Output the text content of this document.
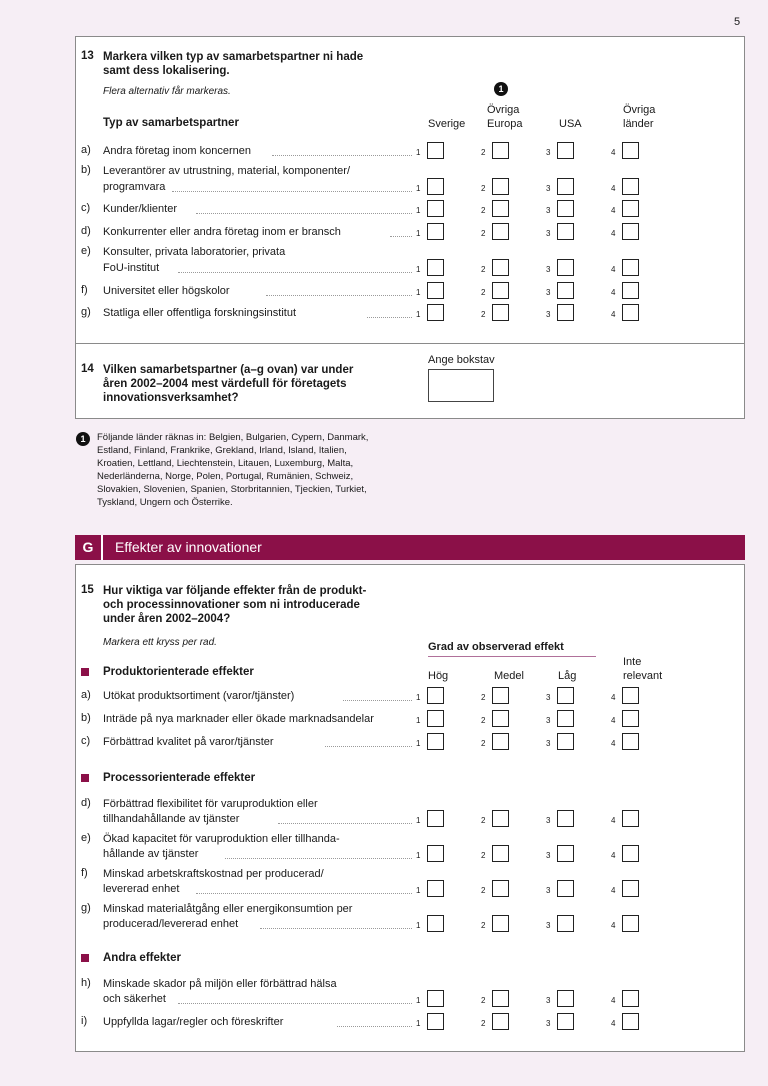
5
13 Markera vilken typ av samarbetspartner ni hade
samt dess lokalisering.
Flera alternativ får markeras.	1
Typ av samarbetspartner	Sverige
Övriga
Europa	USA
Övriga
länder
a) Andra företag inom koncernen	1	2	3	4
b) Leverantörer av utrustning, material, komponenter/
programvara	1	2	3	4
c) Kunder/klienter	1	2	3	4
d) Konkurrenter eller andra företag inom er bransch	1	2	3	4
e) Konsulter, privata laboratorier, privata
FoU-institut	1	2	3	4
f) Universitet eller högskolor	1	2	3	4
g) Statliga eller offentliga forskningsinstitut	1	2	3	4
14 Vilken samarbetspartner (a–g ovan) var under
åren 2002–2004 mest värdefull för företagets
innovationsverksamhet?
Ange bokstav
1	Följande länder räknas in: Belgien, Bulgarien, Cypern, Danmark,
Estland, Finland, Frankrike, Grekland, Irland, Island, Italien,
Kroatien, Lettland, Liechtenstein, Litauen, Luxemburg, Malta,
Nederländerna, Norge, Polen, Portugal, Rumänien, Schweiz,
Slovakien, Slovenien, Spanien, Storbritannien, Tjeckien, Turkiet,
Tyskland, Ungern och Österrike.
G	Effekter av innovationer
15 Hur viktiga var följande effekter från de produkt-
och processinnovationer som ni introducerade
under åren 2002–2004?
Markera ett kryss per rad.	Grad av observerad effekt
Hög	Medel	Låg
Inte
relevant
Produktorienterade effekter
a) Utökat produktsortiment (varor/tjänster)	1	2	3	4
b) Inträde på nya marknader eller ökade marknadsandelar	1	2	3	4
c) Förbättrad kvalitet på varor/tjänster	1	2	3	4
Processorienterade effekter
d) Förbättrad flexibilitet för varuproduktion eller
tillhandahållande av tjänster	1	2	3	4
e) Ökad kapacitet för varuproduktion eller tillhanda-
hållande av tjänster	1	2	3	4
f) Minskad arbetskraftskostnad per producerad/
levererad enhet	1	2	3	4
g) Minskad materialåtgång eller energikonsumtion per
producerad/levererad enhet	1	2	3	4
Andra effekter
h) Minskade skador på miljön eller förbättrad hälsa
och säkerhet	1	2	3	4
i) Uppfyllda lagar/regler och föreskrifter	1	2	3	4
